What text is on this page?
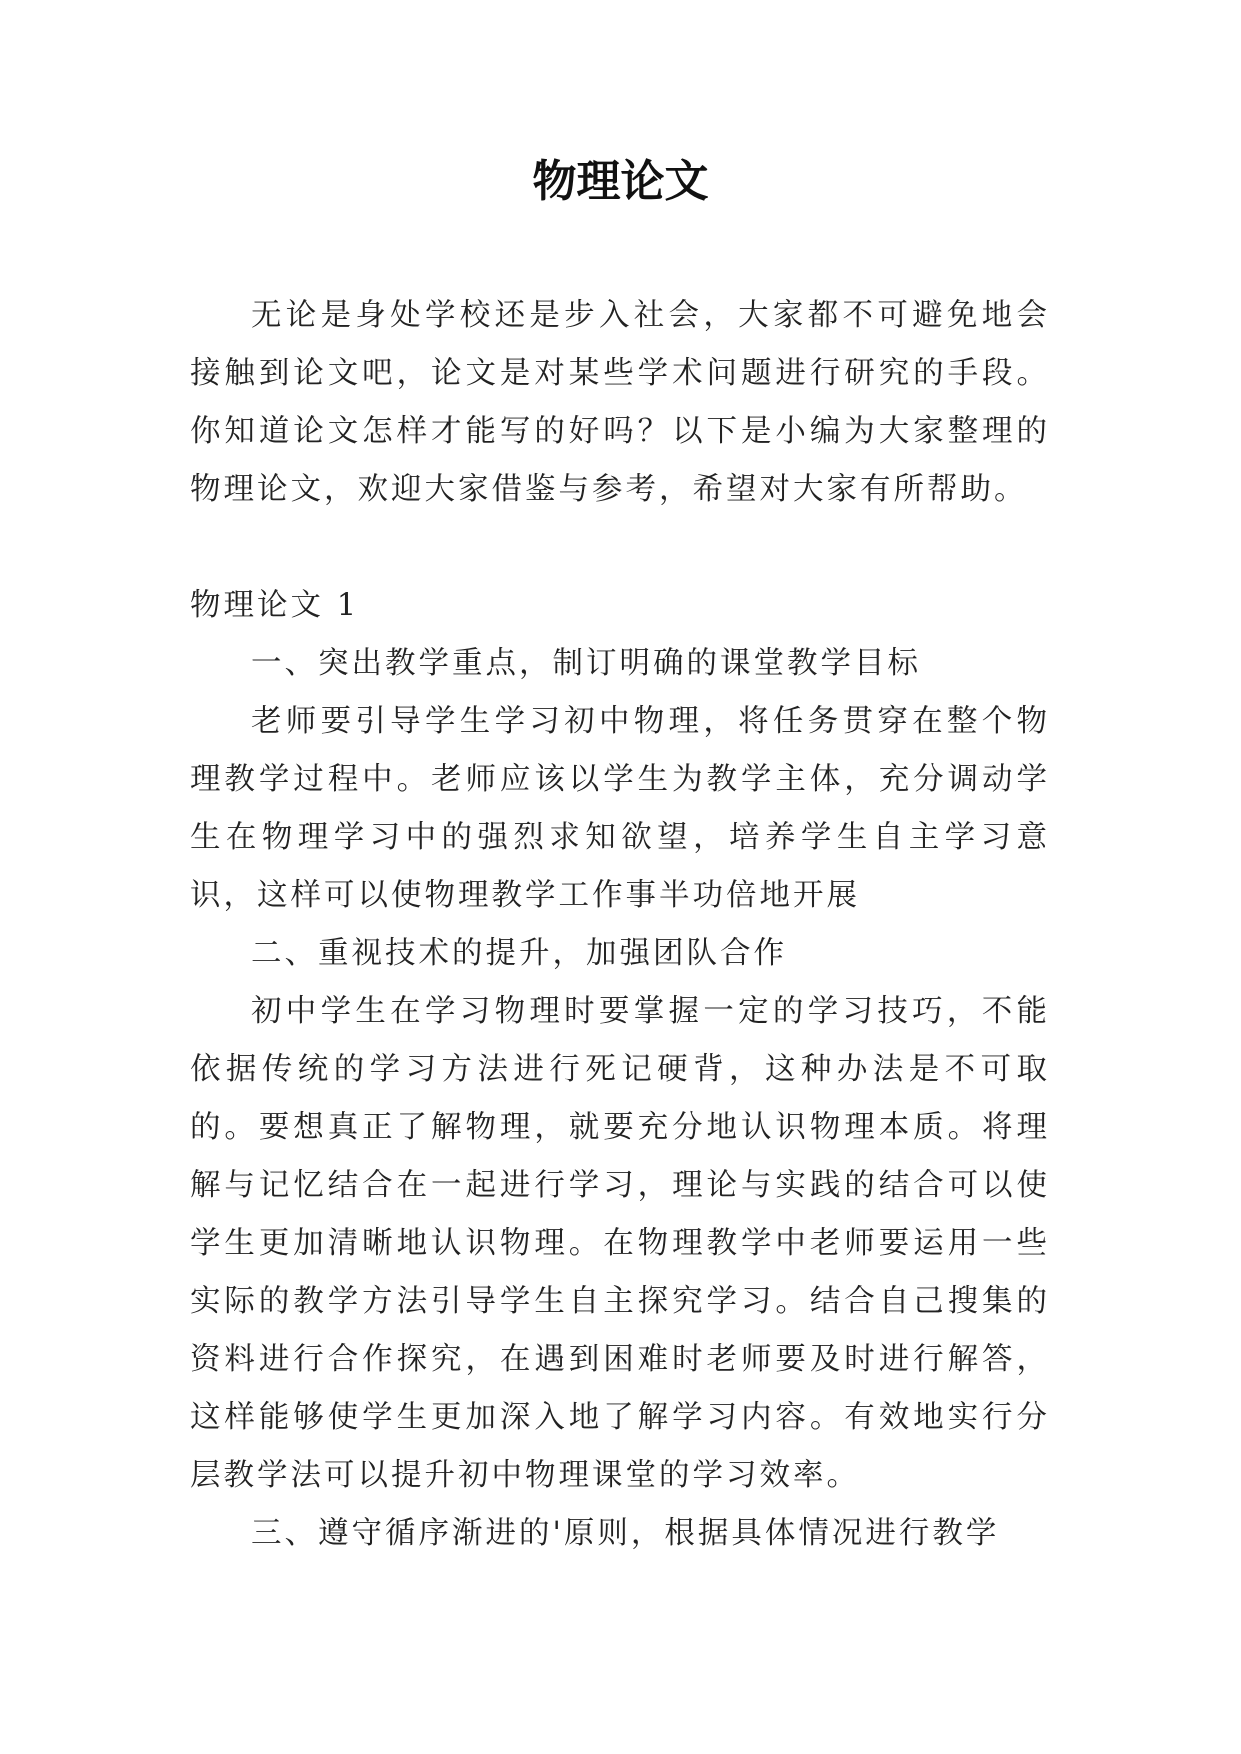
物理论文

无论是身处学校还是步入社会，大家都不可避免地会接触到论文吧，论文是对某些学术问题进行研究的手段。你知道论文怎样才能写的好吗？以下是小编为大家整理的物理论文，欢迎大家借鉴与参考，希望对大家有所帮助。

物理论文 1

一、突出教学重点，制订明确的课堂教学目标

老师要引导学生学习初中物理，将任务贯穿在整个物理教学过程中。老师应该以学生为教学主体，充分调动学生在物理学习中的强烈求知欲望，培养学生自主学习意识，这样可以使物理教学工作事半功倍地开展

二、重视技术的提升，加强团队合作

初中学生在学习物理时要掌握一定的学习技巧，不能依据传统的学习方法进行死记硬背，这种办法是不可取的。要想真正了解物理，就要充分地认识物理本质。将理解与记忆结合在一起进行学习，理论与实践的结合可以使学生更加清晰地认识物理。在物理教学中老师要运用一些实际的教学方法引导学生自主探究学习。结合自己搜集的资料进行合作探究，在遇到困难时老师要及时进行解答，这样能够使学生更加深入地了解学习内容。有效地实行分层教学法可以提升初中物理课堂的学习效率。

三、遵守循序渐进的'原则，根据具体情况进行教学
